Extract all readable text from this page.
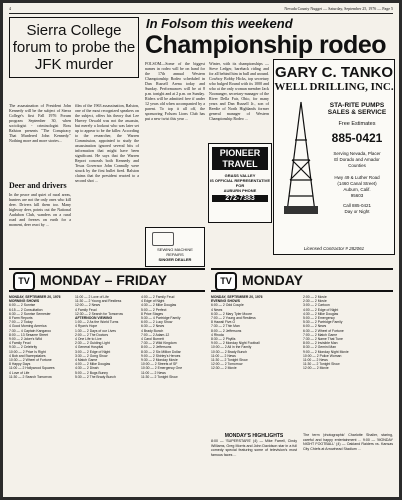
4	Nevada County Nugget — Saturday, September 25, 1976 — Page 5

Sierra College forum to probe the JFK murder

The assassination of President John Kennedy will be the subject of Sierra College's first Fall 1976 Forum program September 30, when sociologist - criminologist Ross Ralston presents "The Conspiracy That Murdered John Kennedy." Nothing more and more stories...
Deer and drivers
In the peace and quiet of rural areas, hunters are not the only ones who kill deer. Drivers kill them too. Many highway deer, points out the National Audubon Club, wanders on a rural road and freezes on earth for a moment, deer react by ...
film of the 1963 assassination, Ralston, one of the most recognized speakers on the subject, offers his theory that Lee Harvey Oswald was not the assassin, but merely a lookout who was later set up to appear to be the killer. According to the researcher, the Warren Commission, appointed to study the assassination ignored several bits of information that might have been significant. He says that the Warren Report conceals both Kennedy and Texas Governor John Connally were struck by the first bullet fired. Ralston claims that the president reacted to a second shot ...
In Folsom this weekend
Championship rodeo
FOLSOM—Some of the biggest names in rodeo will be on hand for the 17th annual Western Championship Rodeo scheduled in Dan Russell Arena today and Sunday. Performances will be at 8 p.m. tonight and at 2 p.m. on Sunday. Riders will be admitted free if under 12 years old when accompanied by a parent. To top it all off, the sponsoring Folsom Lions Club has put a new twist this year ...
Winter, with its championships — Steve Ledger, bareback riding and for all behind him in bull and around. Cowboy Bobby Hicks, top secretary who bulged Round with its 1000 and who at the only woman member Jack Noonanger, secretary-manager of the River Della Fair, Ohio, for many years and Dan Russell Jr., son of Reedie of North Highlands former general manager of Western Championship Rodeo ...
PIONEER
TRAVEL
GRASS VALLEY
IS OFFICIAL REPRESENTATIVE
FOR
AUBURN PHONE
272-7383
SEWING MACHINE
REPAIRS
SINGER DEALER
GARY C. TANKO
WELL DRILLING, INC.
STA-RITE PUMPS
SALES & SERVICE
Free Estimates
885-0421
Serving Nevada, Placer
El Dorado and Amador
Counties
Hwy 49 & Luther Road
(1460 Canal Street)
Auburn, Calif.
95603
Call 885-0421
Day or Night
Licensed Contractor # 282061
TV MONDAY – FRIDAY	TV MONDAY
MONDAY, SEPTEMBER 20, 1976
MORNING SHOWS
6:00 — 2 Sunrise
6:15 — 2 Consultation
6:30 — 2 Sunrise Semester
8 Farm Reports
7:00 — 2 Today
4 Good Morning America
7:30 — 4 Captain Kangaroo
8:00 — 13 Sesame Street
9:00 — 2 Joker's Wild
4 Family Feud
9:30 — 2 Celebrity
10:00 — 2 Price Is Right
4 Bob and Sweepstakes
10:30 — 2 Wheel of Fortune
8 Happy Days
11:00 — 2 Hollywood Squares
4 Love of Life
11:30 — 2 Search Tomorrow
11:00 — 2 Love of Life
11:30 — 2 Young and Restless
12:00 — 2 News
4 Family Feud
12:30 — 2 Search for Tomorrow
AFTERNOON VIEWING
1:00 — 2 As the World Turns
4 Ryan's Hope
1:30 — 2 Days of our Lives
2:00 — 2 The Doctors
4 One Life to Live
2:30 — 2 Guiding Light
4 General Hospital
3:00 — 2 Edge of Night
3:30 — 2 Gong Show
4 Match Game
4:00 — 2 Mike Douglas
4:30 — 2 Dinah
5:00 — 2 Bugs Bunny
5:30 — 2 The Brady Bunch
4:00 — 2 Family Feud
4 Edge of Night
4:30 — 2 Mike Douglas
5:00 — 2 Perfect
8 Price Stages
5:30 — 4 Partridge Family
6:00 — 2 Lucy Show
6:30 — 2 News
4 Brady Bunch
7:00 — 2 Adam-12
4 Carol Burnett
7:30 — 2 Wild Kingdom
8:00 — 2 Jeffersons
8:30 — 2 Six Million Dollar
9:00 — 2 Shirley's Heroes
9:30 — 2 Monday Movie
10:00 — 2 Streets of SF
10:30 — 2 Emergency One
11:00 — 2 News
11:30 — 2 Tonight Show
MONDAY, SEPTEMBER 20, 1976
EVENING SHOWS
6:00 — 2 Odd Couple
4 News
6:30 — 2 Mary Tyler Moore
7:00 — 2 Young and Restless
8 Hawaii Five-O
7:30 — 2 Thin Man
8:00 — 2 Jeffersons
4 Rhoda
8:30 — 2 Phyllis
9:00 — 2 Monday Night Football
10:00 — 2 All in the Family
10:30 — 2 Brady Bunch
11:00 — 2 News
11:30 — 2 Tonight Show
12:00 — 2 Tomorrow
12:30 — 2 Movie
2:00 — 2 Movie
2:30 — 2 Movie
3:00 — 2 Cartoon
4:00 — 2 Edge of Night
4:30 — 2 Mike Douglas
5:00 — 2 Emergency
5:30 — 2 Partridge Family
6:00 — 2 News
6:30 — 2 Wheel of Fortune
7:00 — 2 Match Game
7:30 — 2 Name That Tune
8:00 — 2 Invisible Man
8:30 — 2 Gemini Man
9:00 — 2 Monday Night Movie
10:00 — 2 Police Woman
11:00 — 2 News
11:30 — 2 Tonight Show
12:00 — 2 Movie
MONDAY'S HIGHLIGHTS
8:00 — 'SUPERSTARS' (4) — Mike Farrell, Cindy Williams, Greg Morris and John Davidson star in a full comedy special featuring some of television's most famous faces ...
The term 'photographic' Charlotte Shalier, staring, careful and happy entertainment ... 9:00 — 'MONDAY NIGHT FOOTBALL' (4) — Oakland Raiders vs. Kansas City Chiefs at Arrowhead Stadium ...
